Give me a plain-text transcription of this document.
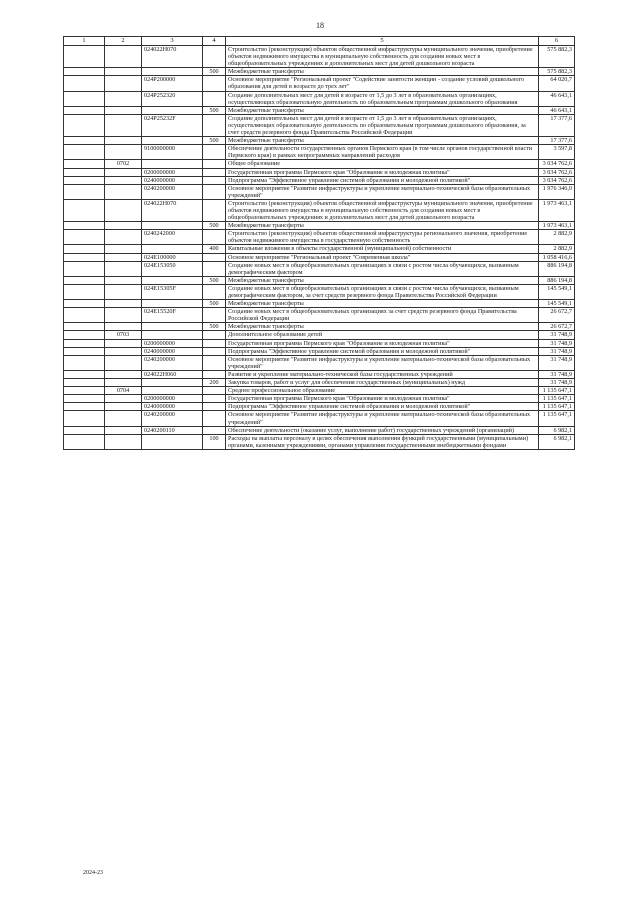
18
1	2	3	4	5	6
		024022Н070		Строительство (реконструкция) объектов общественной инфраструктуры муниципального значения, приобретение объектов недвижимого имущества в муниципальную собственность для создания новых мест в общеобразовательных учреждениях и дополнительных мест для детей дошкольного возраста	575 882,3
			500	Межбюджетные трансферты	575 882,3
		024Р200000		Основное мероприятие "Региональный проект "Содействие занятости женщин - создание условий дошкольного образования для детей в возрасте до трех лет"	64 020,7
		024Р252320		Создание дополнительных мест для детей в возрасте от 1,5 до 3 лет в образовательных организациях, осуществляющих образовательную деятельность по образовательным программам дошкольного образования	46 643,1
			500	Межбюджетные трансферты	46 643,1
		024Р25232F		Создание дополнительных мест для детей в возрасте от 1,5 до 3 лет в образовательных организациях, осуществляющих образовательную деятельность по образовательным программам дошкольного образования, за счет средств резервного фонда Правительства Российской Федерации	17 377,6
			500	Межбюджетные трансферты	17 377,6
		9100000000		Обеспечение деятельности государственных органов Пермского края (в том числе органов государственной власти Пермского края) в рамках непрограммных направлений расходов	3 597,8
	0702			Общее образование	3 034 762,6
		0200000000		Государственная программа Пермского края "Образование и молодежная политика"	3 034 762,6
		0240000000		Подпрограмма "Эффективное управление системой образования и молодежной политикой"	3 034 762,6
		0240200000		Основное мероприятие "Развитие инфраструктуры и укрепление материально-технической базы образовательных учреждений"	1 976 346,0
		024022Н070		Строительство (реконструкция) объектов общественной инфраструктуры муниципального значения, приобретение объектов недвижимого имущества в муниципальную собственность для создания новых мест в общеобразовательных учреждениях и дополнительных мест для детей дошкольного возраста	1 973 463,1
			500	Межбюджетные трансферты	1 973 463,1
		0240242000		Строительство (реконструкция) объектов общественной инфраструктуры регионального значения, приобретение объектов недвижимого имущества в государственную собственность	2 882,9
			400	Капитальные вложения в объекты государственной (муниципальной) собственности	2 882,9
		024Е100000		Основное мероприятие "Региональный проект "Современная школа"	1 058 416,6
		024Е153050		Создание новых мест в общеобразовательных организациях в связи с ростом числа обучающихся, вызванным демографическим фактором	886 194,8
			500	Межбюджетные трансферты	886 194,8
		024Е15305F		Создание новых мест в общеобразовательных организациях в связи с ростом числа обучающихся, вызванным демографическим фактором, за счет средств резервного фонда Правительства Российской Федерации	145 549,1
			500	Межбюджетные трансферты	145 549,1
		024Е15520F		Создание новых мест в общеобразовательных организациях за счет средств резервного фонда Правительства Российской Федерации	26 672,7
			500	Межбюджетные трансферты	26 672,7
	0703			Дополнительное образование детей	31 748,9
		0200000000		Государственная программа Пермского края "Образование и молодежная политика"	31 748,9
		0240000000		Подпрограмма "Эффективное управление системой образования и молодежной политикой"	31 748,9
		0240200000		Основное мероприятие "Развитие инфраструктуры и укрепление материально-технической базы образовательных учреждений"	31 748,9
		024022Н060		Развитие и укрепление материально-технической базы государственных учреждений	31 748,9
			200	Закупка товаров, работ и услуг для обеспечения государственных (муниципальных) нужд	31 748,9
	0704			Среднее профессиональное образование	1 135 647,1
		0200000000		Государственная программа Пермского края "Образование и молодежная политика"	1 135 647,1
		0240000000		Подпрограмма "Эффективное управление системой образования и молодежной политикой"	1 135 647,1
		0240200000		Основное мероприятие "Развитие инфраструктуры и укрепление материально-технической базы образовательных учреждений"	1 135 647,1
		0240200110		Обеспечение деятельности (оказание услуг, выполнение работ) государственных учреждений (организаций)	6 982,1
			100	Расходы на выплаты персоналу в целях обеспечения выполнения функций государственными (муниципальными) органами, казенными учреждениями, органами управления государственными внебюджетными фондами	6 982,1
2024-23
